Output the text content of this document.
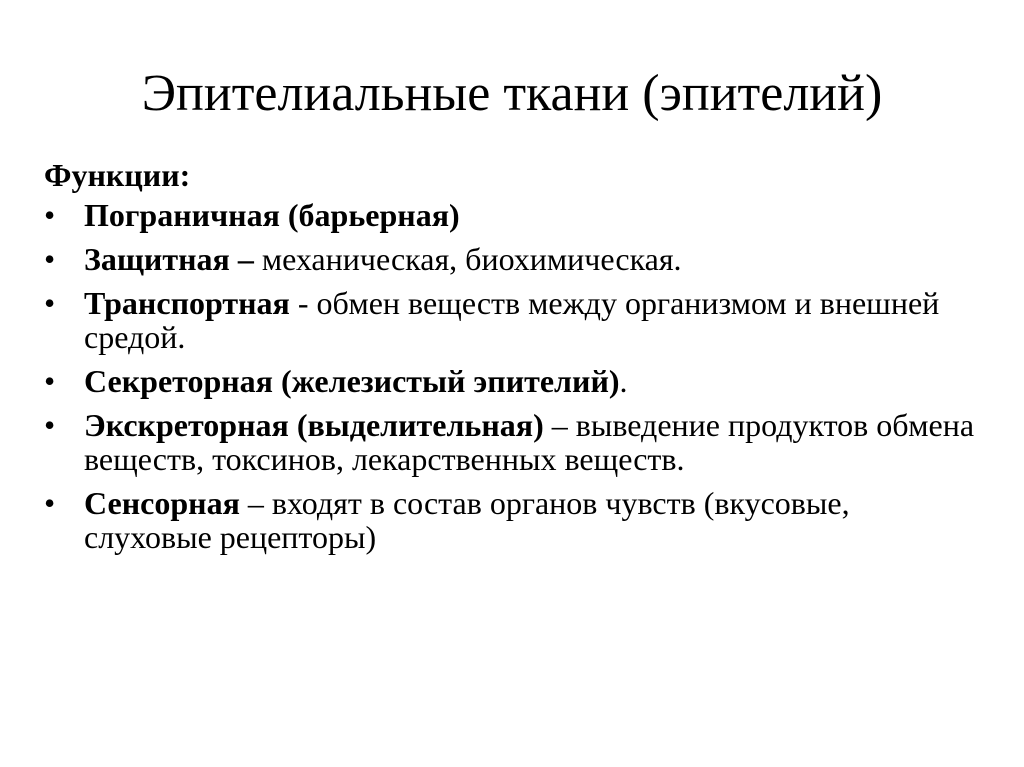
Эпителиальные ткани (эпителий)
Функции:
• Пограничная (барьерная)
• Защитная – механическая, биохимическая.
• Транспортная - обмен веществ между организмом и внешней средой.
• Секреторная (железистый эпителий).
• Экскреторная (выделительная) – выведение продуктов обмена веществ, токсинов, лекарственных веществ.
• Сенсорная – входят в состав органов чувств (вкусовые, слуховые рецепторы)
